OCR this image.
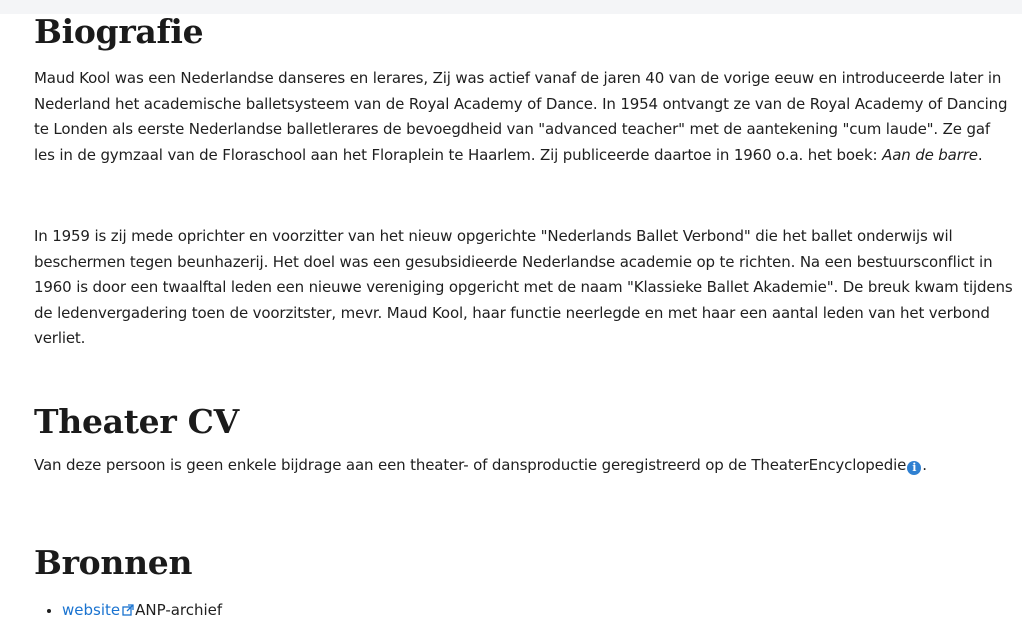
Biografie

Maud Kool was een Nederlandse danseres en lerares, Zij was actief vanaf de jaren 40 van de vorige eeuw en introduceerde later in Nederland het academische balletsysteem van de Royal Academy of Dance. In 1954 ontvangt ze van de Royal Academy of Dancing te Londen als eerste Nederlandse balletlerares de bevoegdheid van "advanced teacher" met de aantekening "cum laude". Ze gaf les in de gymzaal van de Floraschool aan het Floraplein te Haarlem. Zij publiceerde daartoe in 1960 o.a. het boek: Aan de barre.

In 1959 is zij mede oprichter en voorzitter van het nieuw opgerichte "Nederlands Ballet Verbond" die het ballet onderwijs wil beschermen tegen beunhazerij. Het doel was een gesubsidieerde Nederlandse academie op te richten. Na een bestuursconflict in 1960 is door een twaalftal leden een nieuwe vereniging opgericht met de naam "Klassieke Ballet Akademie". De breuk kwam tijdens de ledenvergadering toen de voorzitster, mevr. Maud Kool, haar functie neerlegde en met haar een aantal leden van het verbond verliet.

Theater CV

Van deze persoon is geen enkele bijdrage aan een theater- of dansproductie geregistreerd op de TheaterEncyclopedie i .

Bronnen
website ANP-archief
